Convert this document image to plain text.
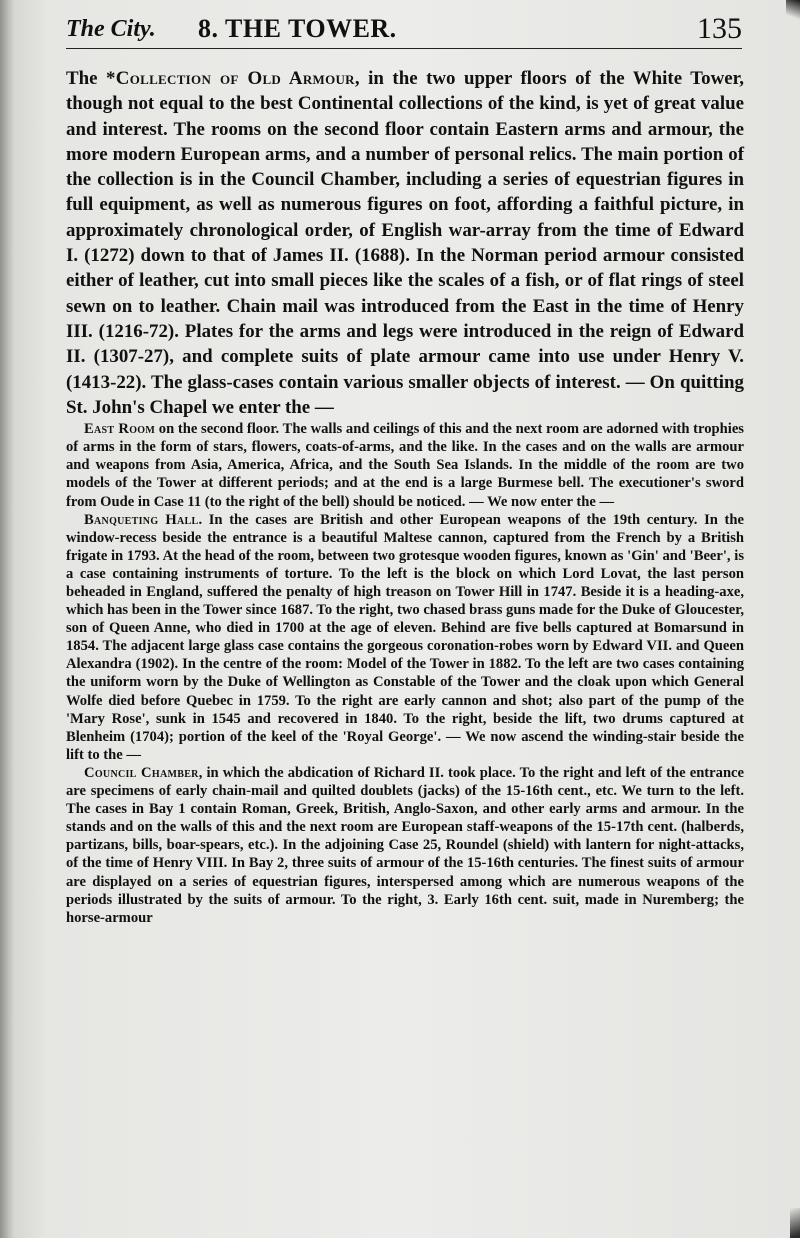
The City. 8. THE TOWER.	135

The *Collection of Old Armour, in the two upper floors of the White Tower, though not equal to the best Continental collections of the kind, is yet of great value and interest. The rooms on the second floor contain Eastern arms and armour, the more modern European arms, and a number of personal relics. The main portion of the collection is in the Council Chamber, including a series of equestrian figures in full equipment, as well as numerous figures on foot, affording a faithful picture, in approximately chronological order, of English war-array from the time of Edward I. (1272) down to that of James II. (1688). In the Norman period armour consisted either of leather, cut into small pieces like the scales of a fish, or of flat rings of steel sewn on to leather. Chain mail was introduced from the East in the time of Henry III. (1216-72). Plates for the arms and legs were introduced in the reign of Edward II. (1307-27), and complete suits of plate armour came into use under Henry V. (1413-22). The glass-cases contain various smaller objects of interest. — On quitting St. John's Chapel we enter the —

East Room on the second floor. The walls and ceilings of this and the next room are adorned with trophies of arms in the form of stars, flowers, coats-of-arms, and the like. In the cases and on the walls are armour and weapons from Asia, America, Africa, and the South Sea Islands. In the middle of the room are two models of the Tower at different periods; and at the end is a large Burmese bell. The executioner's sword from Oude in Case 11 (to the right of the bell) should be noticed. — We now enter the —

Banqueting Hall. In the cases are British and other European weapons of the 19th century. In the window-recess beside the entrance is a beautiful Maltese cannon, captured from the French by a British frigate in 1793. At the head of the room, between two grotesque wooden figures, known as 'Gin' and 'Beer', is a case containing instruments of torture. To the left is the block on which Lord Lovat, the last person beheaded in England, suffered the penalty of high treason on Tower Hill in 1747. Beside it is a heading-axe, which has been in the Tower since 1687. To the right, two chased brass guns made for the Duke of Gloucester, son of Queen Anne, who died in 1700 at the age of eleven. Behind are five bells captured at Bomarsund in 1854. The adjacent large glass case contains the gorgeous coronation-robes worn by Edward VII. and Queen Alexandra (1902). In the centre of the room: Model of the Tower in 1882. To the left are two cases containing the uniform worn by the Duke of Wellington as Constable of the Tower and the cloak upon which General Wolfe died before Quebec in 1759. To the right are early cannon and shot; also part of the pump of the 'Mary Rose', sunk in 1545 and recovered in 1840. To the right, beside the lift, two drums captured at Blenheim (1704); portion of the keel of the 'Royal George'. — We now ascend the winding-stair beside the lift to the —

Council Chamber, in which the abdication of Richard II. took place. To the right and left of the entrance are specimens of early chain-mail and quilted doublets (jacks) of the 15-16th cent., etc. We turn to the left. The cases in Bay 1 contain Roman, Greek, British, Anglo-Saxon, and other early arms and armour. In the stands and on the walls of this and the next room are European staff-weapons of the 15-17th cent. (halberds, partizans, bills, boar-spears, etc.). In the adjoining Case 25, Roundel (shield) with lantern for night-attacks, of the time of Henry VIII. In Bay 2, three suits of armour of the 15-16th centuries. The finest suits of armour are displayed on a series of equestrian figures, interspersed among which are numerous weapons of the periods illustrated by the suits of armour. To the right, 3. Early 16th cent. suit, made in Nuremberg; the horse-armour
